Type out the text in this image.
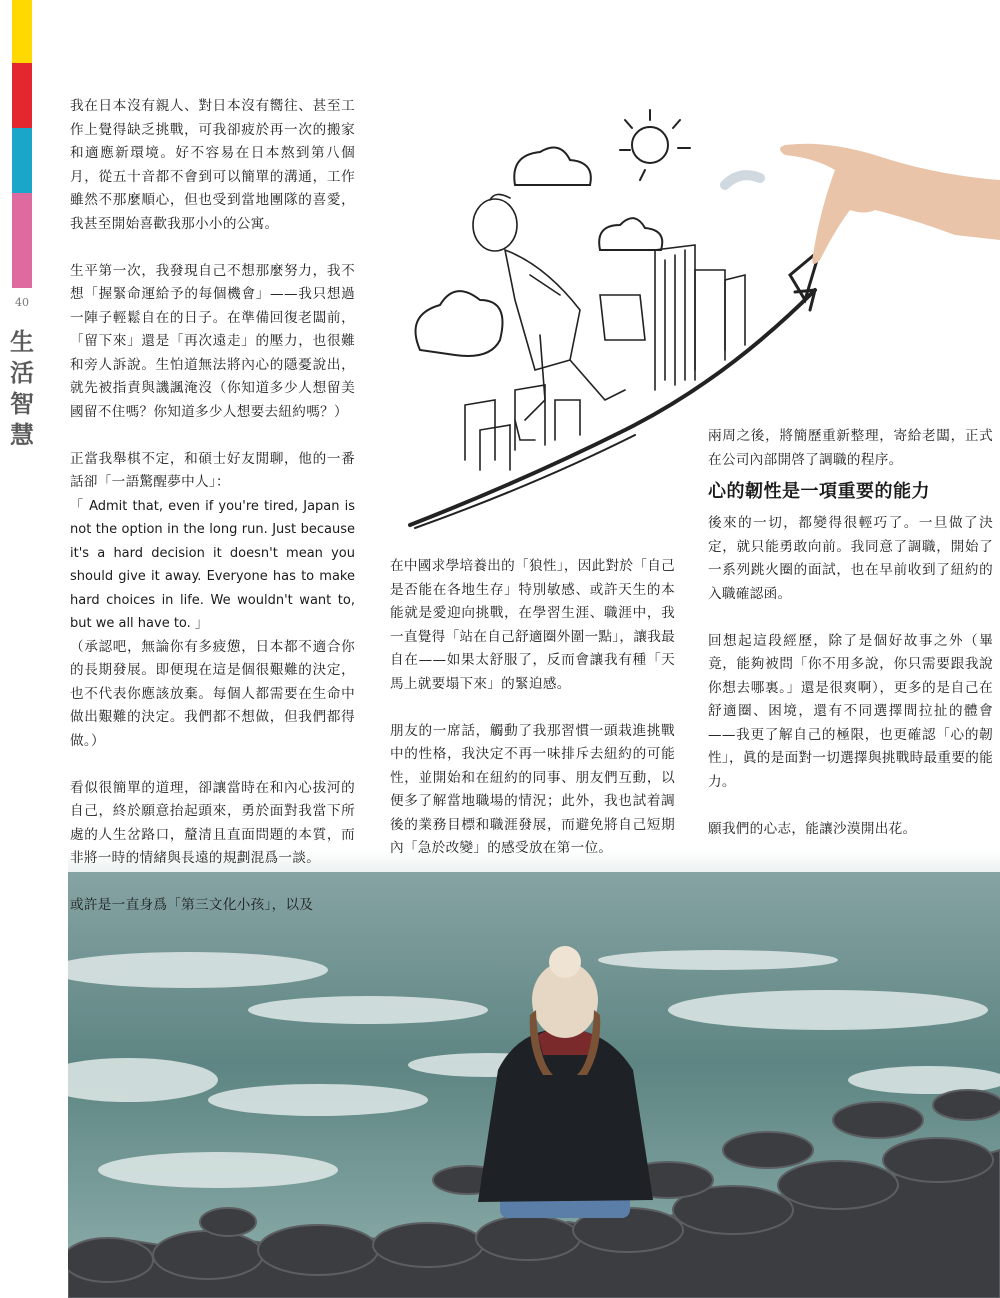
40
生活智慧

我在日本沒有親人、對日本沒有嚮往、甚至工作上覺得缺乏挑戰，可我卻疲於再一次的搬家和適應新環境。好不容易在日本熬到第八個月，從五十音都不會到可以簡單的溝通，工作雖然不那麼順心，但也受到當地團隊的喜愛，我甚至開始喜歡我那小小的公寓。

生平第一次，我發現自己不想那麼努力，我不想「握緊命運給予的每個機會」——我只想過一陣子輕鬆自在的日子。在準備回復老闆前，「留下來」還是「再次遠走」的壓力，也很難和旁人訴說。生怕道無法將內心的隱憂說出，就先被指責與譏諷淹沒（你知道多少人想留美國留不住嗎？你知道多少人想要去紐約嗎？）

正當我舉棋不定，和碩士好友閒聊，他的一番話卻「一語驚醒夢中人」：

「 Admit that, even if you're tired, Japan is not the option in the long run. Just because it's a hard decision it doesn't mean you should give it away. Everyone has to make hard choices in life. We wouldn't want to, but we all have to. 」

（承認吧，無論你有多疲憊，日本都不適合你的長期發展。即便現在這是個很艱難的決定，也不代表你應該放棄。每個人都需要在生命中做出艱難的決定。我們都不想做，但我們都得做。）

看似很簡單的道理，卻讓當時在和內心拔河的自己，終於願意抬起頭來，勇於面對我當下所處的人生岔路口，釐清且直面問題的本質，而非將一時的情緒與長遠的規劃混爲一談。

或許是一直身爲「第三文化小孩」，以及

在中國求學培養出的「狼性」，因此對於「自己是否能在各地生存」特別敏感、或許天生的本能就是愛迎向挑戰，在學習生涯、職涯中，我一直覺得「站在自己舒適圈外圍一點」，讓我最自在——如果太舒服了，反而會讓我有種「天馬上就要塌下來」的緊迫感。

朋友的一席話，觸動了我那習慣一頭栽進挑戰中的性格，我決定不再一味排斥去紐約的可能性，並開始和在紐約的同事、朋友們互動，以便多了解當地職場的情況；此外，我也試着調後的業務目標和職涯發展，而避免將自己短期內「急於改變」的感受放在第一位。

兩周之後，將簡歷重新整理，寄給老闆，正式在公司內部開啓了調職的程序。

心的韌性是一項重要的能力

後來的一切，都變得很輕巧了。一旦做了決定，就只能勇敢向前。我同意了調職，開始了一系列跳火圈的面試，也在早前收到了紐約的入職確認函。

回想起這段經歷，除了是個好故事之外（畢竟，能夠被問「你不用多說，你只需要跟我說你想去哪裏。」還是很爽啊），更多的是自己在舒適圈、困境，還有不同選擇間拉扯的體會——我更了解自己的極限，也更確認「心的韌性」，眞的是面對一切選擇與挑戰時最重要的能力。

願我們的心志，能讓沙漠開出花。
